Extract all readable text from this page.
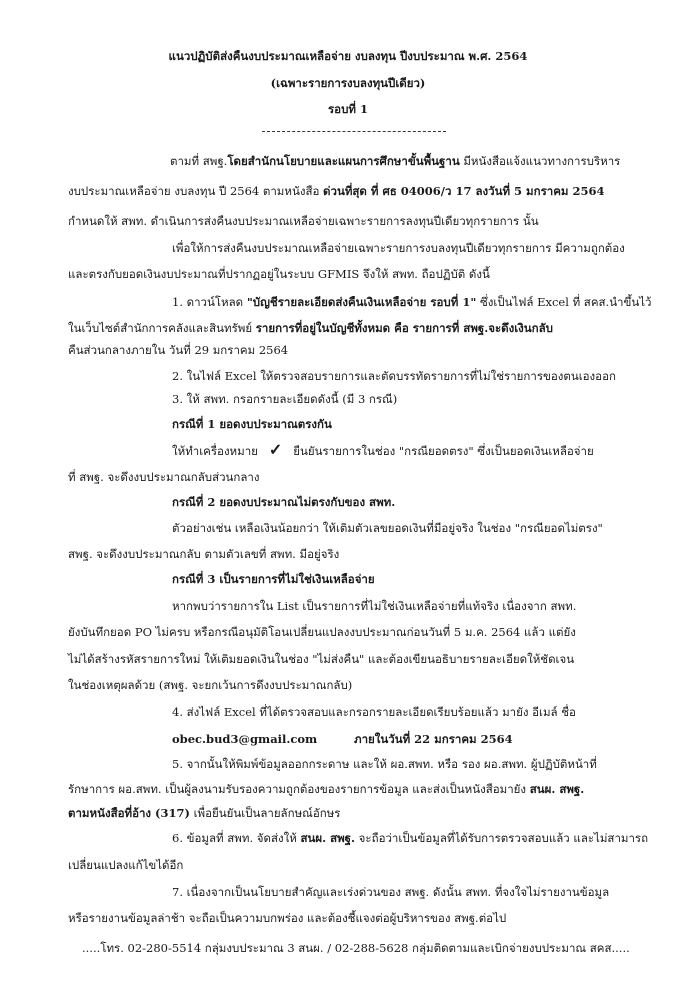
แนวปฏิบัติส่งคืนงบประมาณเหลือจ่าย งบลงทุน ปีงบประมาณ พ.ศ. 2564
(เฉพาะรายการงบลงทุนปีเดียว)
รอบที่ 1
ตามที่ สพฐ.โดยสำนักนโยบายและแผนการศึกษาขั้นพื้นฐาน มีหนังสือแจ้งแนวทางการบริหาร
งบประมาณเหลือจ่าย งบลงทุน ปี 2564 ตามหนังสือ ด่วนที่สุด ที่ ศธ 04006/ว 17 ลงวันที่ 5 มกราคม 2564
กำหนดให้ สพท. ดำเนินการส่งคืนงบประมาณเหลือจ่ายเฉพาะรายการลงทุนปีเดียวทุกรายการ นั้น
เพื่อให้การส่งคืนงบประมาณเหลือจ่ายเฉพาะรายการงบลงทุนปีเดียวทุกรายการ มีความถูกต้อง
และตรงกับยอดเงินงบประมาณที่ปรากฏอยู่ในระบบ GFMIS จึงให้ สพท. ถือปฏิบัติ ดังนี้
1. ดาวน์โหลด "บัญชีรายละเอียดส่งคืนเงินเหลือจ่าย รอบที่ 1" ซึ่งเป็นไฟล์ Excel ที่ สคส.นำขึ้นไว้
ในเว็บไซต์สำนักการคลังและสินทรัพย์ รายการที่อยู่ในบัญชีทั้งหมด คือ รายการที่ สพฐ.จะดึงเงินกลับ
คืนส่วนกลางภายใน วันที่ 29 มกราคม 2564
2. ในไฟล์ Excel ให้ตรวจสอบรายการและตัดบรรทัดรายการที่ไม่ใช่รายการของตนเองออก
3. ให้ สพท. กรอกรายละเอียดดังนี้ (มี 3 กรณี)
กรณีที่ 1 ยอดงบประมาณตรงกัน
ให้ทำเครื่องหมาย ✓ ยืนยันรายการในช่อง "กรณียอดตรง" ซึ่งเป็นยอดเงินเหลือจ่าย
ที่ สพฐ. จะดึงงบประมาณกลับส่วนกลาง
กรณีที่ 2 ยอดงบประมาณไม่ตรงกับของ สพท.
ตัวอย่างเช่น เหลือเงินน้อยกว่า ให้เติมตัวเลขยอดเงินที่มีอยู่จริง ในช่อง "กรณียอดไม่ตรง"
สพฐ. จะดึงงบประมาณกลับ ตามตัวเลขที่ สพท. มีอยู่จริง
กรณีที่ 3 เป็นรายการที่ไม่ใช่เงินเหลือจ่าย
หากพบว่ารายการใน List เป็นรายการที่ไม่ใช่เงินเหลือจ่ายที่แท้จริง เนื่องจาก สพท.
ยังบันทึกยอด PO ไม่ครบ หรือกรณีอนุมัติโอนเปลี่ยนแปลงงบประมาณก่อนวันที่ 5 ม.ค. 2564 แล้ว แต่ยัง
ไม่ได้สร้างรหัสรายการใหม่ ให้เติมยอดเงินในช่อง "ไม่ส่งคืน" และต้องเขียนอธิบายรายละเอียดให้ชัดเจน
ในช่องเหตุผลด้วย (สพฐ. จะยกเว้นการดึงงบประมาณกลับ)
4. ส่งไฟล์ Excel ที่ได้ตรวจสอบและกรอกรายละเอียดเรียบร้อยแล้ว มายัง อีเมล์ ชื่อ
obec.bud3@gmail.com	ภายในวันที่ 22 มกราคม 2564
5. จากนั้นให้พิมพ์ข้อมูลออกกระดาษ และให้ ผอ.สพท. หรือ รอง ผอ.สพท. ผู้ปฏิบัติหน้าที่
รักษาการ ผอ.สพท. เป็นผู้ลงนามรับรองความถูกต้องของรายการข้อมูล และส่งเป็นหนังสือมายัง สนผ. สพฐ.
ตามหนังสือที่อ้าง (317) เพื่อยืนยันเป็นลายลักษณ์อักษร
6. ข้อมูลที่ สพท. จัดส่งให้ สนผ. สพฐ. จะถือว่าเป็นข้อมูลที่ได้รับการตรวจสอบแล้ว และไม่สามารถ
เปลี่ยนแปลงแก้ไขได้อีก
7. เนื่องจากเป็นนโยบายสำคัญและเร่งด่วนของ สพฐ. ดังนั้น สพท. ที่จงใจไม่รายงานข้อมูล
หรือรายงานข้อมูลล่าช้า จะถือเป็นความบกพร่อง และต้องชี้แจงต่อผู้บริหารของ สพฐ.ต่อไป
.....โทร. 02-280-5514 กลุ่มงบประมาณ 3 สนผ. / 02-288-5628 กลุ่มติดตามและเบิกจ่ายงบประมาณ สคส.....
